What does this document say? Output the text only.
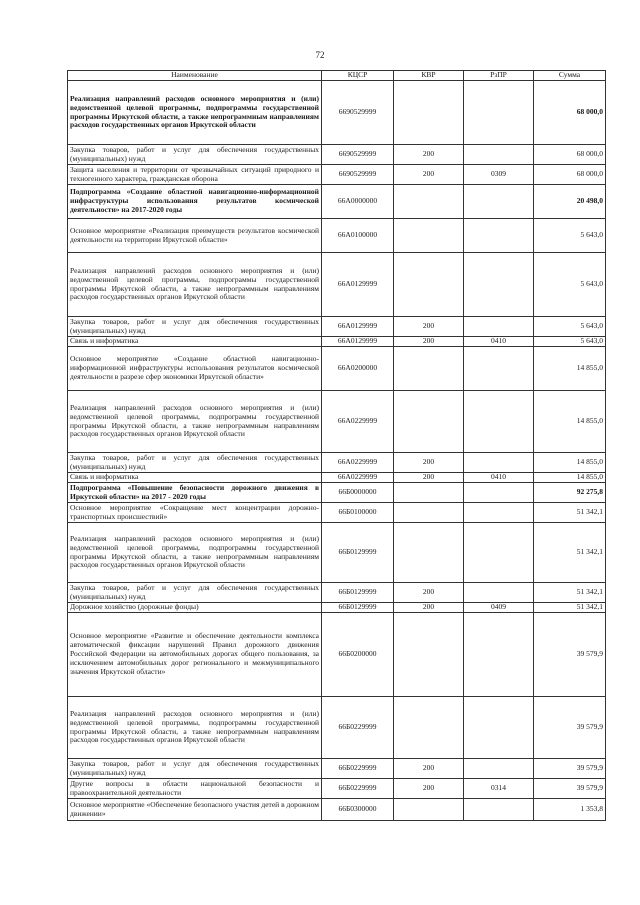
72
Наименование	КЦСР	КВР	РзПР	Сумма
Реализация направлений расходов основного мероприятия и (или) ведомственной целевой программы, подпрограммы государственной программы Иркутской области, а также непрограммным направлениям расходов государственных органов Иркутской области	6690529999			68 000,0
Закупка товаров, работ и услуг для обеспечения государственных (муниципальных) нужд	6690529999	200		68 000,0
Защита населения и территории от чрезвычайных ситуаций природного и техногенного характера, гражданская оборона	6690529999	200	0309	68 000,0
Подпрограмма «Создание областной навигационно-информационной инфраструктуры использования результатов космической деятельности» на 2017-2020 годы	66А0000000			20 498,0
Основное мероприятие «Реализация преимуществ результатов космической деятельности на территории Иркутской области»	66А0100000			5 643,0
Реализация направлений расходов основного мероприятия и (или) ведомственной целевой программы, подпрограммы государственной программы Иркутской области, а также непрограммным направлениям расходов государственных органов Иркутской области	66А0129999			5 643,0
Закупка товаров, работ и услуг для обеспечения государственных (муниципальных) нужд	66А0129999	200		5 643,0
Связь и информатика	66А0129999	200	0410	5 643,0
Основное мероприятие «Создание областной навигационно-информационной инфраструктуры использования результатов космической деятельности в разрезе сфер экономики Иркутской области»	66А0200000			14 855,0
Реализация направлений расходов основного мероприятия и (или) ведомственной целевой программы, подпрограммы государственной программы Иркутской области, а также непрограммным направлениям расходов государственных органов Иркутской области	66А0229999			14 855,0
Закупка товаров, работ и услуг для обеспечения государственных (муниципальных) нужд	66А0229999	200		14 855,0
Связь и информатика	66А0229999	200	0410	14 855,0
Подпрограмма «Повышение безопасности дорожного движения в Иркутской области» на 2017 - 2020 годы	66Б0000000			92 275,8
Основное мероприятие «Сокращение мест концентрации дорожно-транспортных происшествий»	66Б0100000			51 342,1
Реализация направлений расходов основного мероприятия и (или) ведомственной целевой программы, подпрограммы государственной программы Иркутской области, а также непрограммным направлениям расходов государственных органов Иркутской области	66Б0129999			51 342,1
Закупка товаров, работ и услуг для обеспечения государственных (муниципальных) нужд	66Б0129999	200		51 342,1
Дорожное хозяйство (дорожные фонды)	66Б0129999	200	0409	51 342,1
Основное мероприятие «Развитие и обеспечение деятельности комплекса автоматической фиксации нарушений Правил дорожного движения Российской Федерации на автомобильных дорогах общего пользования, за исключением автомобильных дорог регионального и межмуниципального значения Иркутской области»	66Б0200000			39 579,9
Реализация направлений расходов основного мероприятия и (или) ведомственной целевой программы, подпрограммы государственной программы Иркутской области, а также непрограммным направлениям расходов государственных органов Иркутской области	66Б0229999			39 579,9
Закупка товаров, работ и услуг для обеспечения государственных (муниципальных) нужд	66Б0229999	200		39 579,9
Другие вопросы в области национальной безопасности и правоохранительной деятельности	66Б0229999	200	0314	39 579,9
Основное мероприятие «Обеспечение безопасного участия детей в дорожном движении»	66Б0300000			1 353,8
